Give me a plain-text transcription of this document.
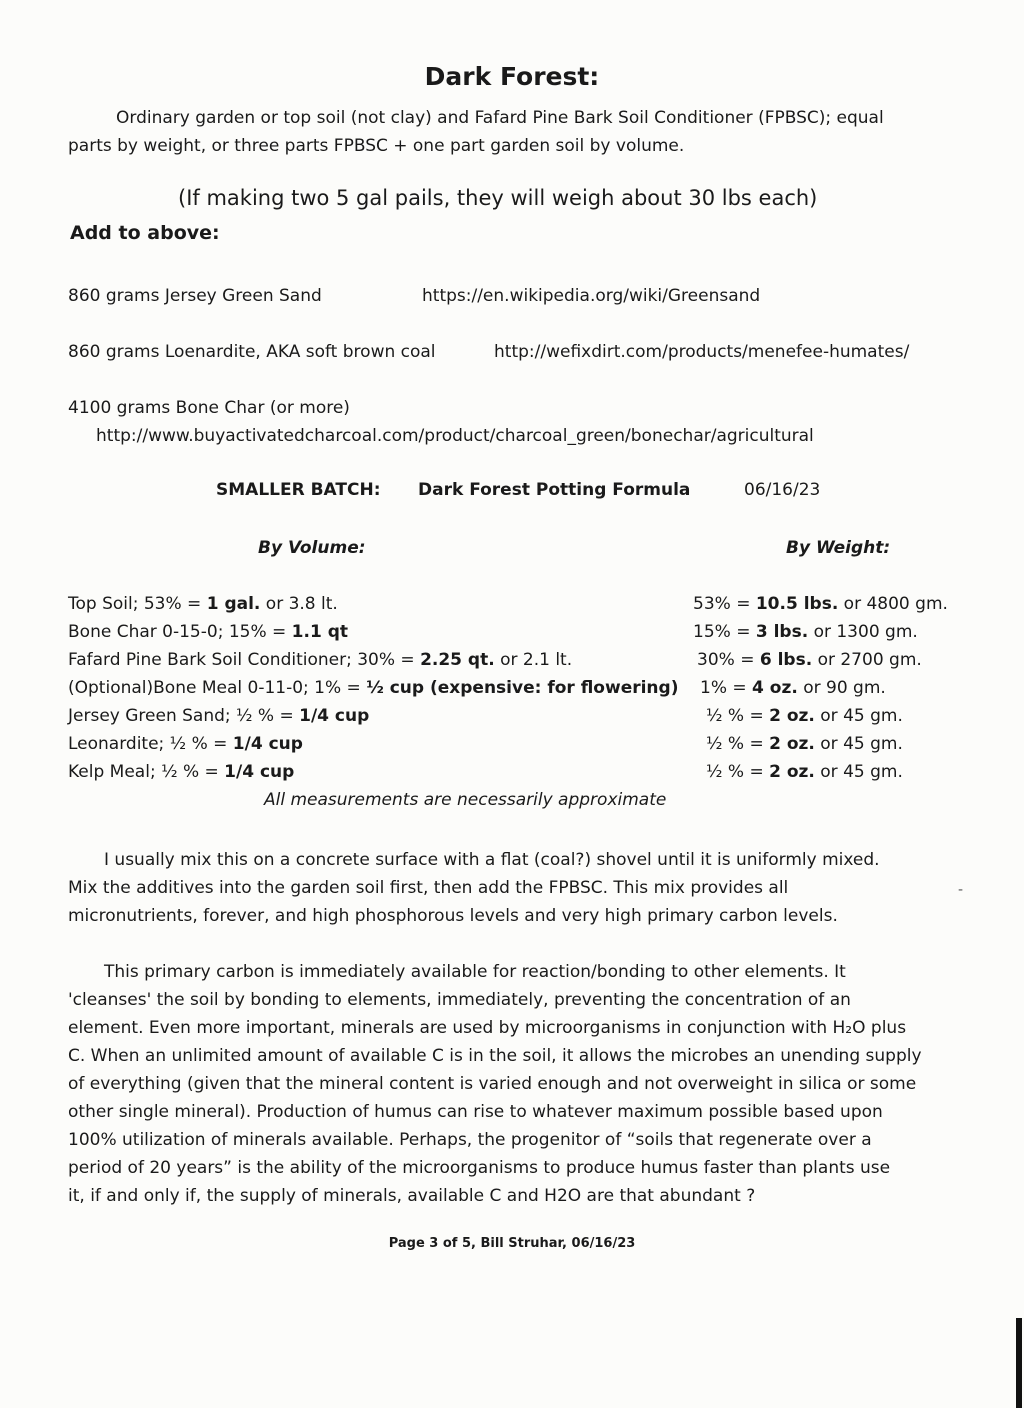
Dark Forest:
Ordinary garden or top soil (not clay) and Fafard Pine Bark Soil Conditioner (FPBSC); equal
parts by weight, or three parts FPBSC + one part garden soil by volume.
(If making two 5 gal pails, they will weigh about 30 lbs each)
Add to above:
860 grams Jersey Green Sand	https://en.wikipedia.org/wiki/Greensand
860 grams Loenardite, AKA soft brown coal	http://wefixdirt.com/products/menefee-humates/
4100 grams Bone Char (or more)
http://www.buyactivatedcharcoal.com/product/charcoal_green/bonechar/agricultural
SMALLER BATCH: Dark Forest Potting Formula	06/16/23
By Volume:	By Weight:
Top Soil; 53% = 1 gal. or 3.8 lt.	53% = 10.5 lbs. or 4800 gm.
Bone Char 0-15-0; 15% = 1.1 qt	15% = 3 lbs. or 1300 gm.
Fafard Pine Bark Soil Conditioner; 30% = 2.25 qt. or 2.1 lt.	30% = 6 lbs. or 2700 gm.
(Optional)Bone Meal 0-11-0; 1% = ½ cup (expensive: for flowering) 1% = 4 oz. or 90 gm.
Jersey Green Sand; ½ % = 1/4 cup	½ % = 2 oz. or 45 gm.
Leonardite; ½ % = 1/4 cup	½ % = 2 oz. or 45 gm.
Kelp Meal; ½ % = 1/4 cup	½ % = 2 oz. or 45 gm.
All measurements are necessarily approximate
I usually mix this on a concrete surface with a flat (coal?) shovel until it is uniformly mixed.
Mix the additives into the garden soil first, then add the FPBSC. This mix provides all
micronutrients, forever, and high phosphorous levels and very high primary carbon levels.
-
This primary carbon is immediately available for reaction/bonding to other elements. It
'cleanses' the soil by bonding to elements, immediately, preventing the concentration of an
element. Even more important, minerals are used by microorganisms in conjunction with H₂O plus
C. When an unlimited amount of available C is in the soil, it allows the microbes an unending supply
of everything (given that the mineral content is varied enough and not overweight in silica or some
other single mineral). Production of humus can rise to whatever maximum possible based upon
100% utilization of minerals available. Perhaps, the progenitor of “soils that regenerate over a
period of 20 years” is the ability of the microorganisms to produce humus faster than plants use
it, if and only if, the supply of minerals, available C and H2O are that abundant ?
Page 3 of 5, Bill Struhar, 06/16/23
